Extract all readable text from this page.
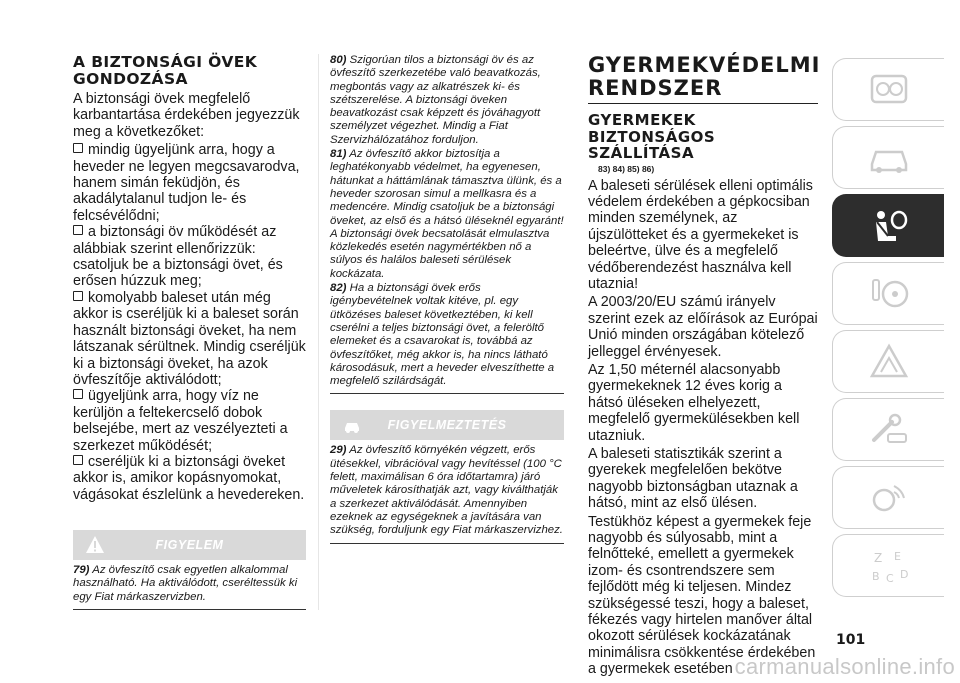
A BIZTONSÁGI ÖVEK
GONDOZÁSA

A biztonsági övek megfelelő karbantartása érdekében jegyezzük meg a következőket:

mindig ügyeljünk arra, hogy a heveder ne legyen megcsavarodva, hanem simán feküdjön, és akadálytalanul tudjon le- és felcsévélődni;
a biztonsági öv működését az alábbiak szerint ellenőrizzük: csatoljuk be a biztonsági övet, és erősen húzzuk meg;
komolyabb baleset után még akkor is cseréljük ki a baleset során használt biztonsági öveket, ha nem látszanak sérültnek. Mindig cseréljük ki a biztonsági öveket, ha azok övfeszítője aktiválódott;
ügyeljünk arra, hogy víz ne kerüljön a feltekercselő dobok belsejébe, mert az veszélyezteti a szerkezet működését;
cseréljük ki a biztonsági öveket akkor is, amikor kopásnyomokat, vágásokat észlelünk a hevedereken.
FIGYELEM

79) Az övfeszítő csak egyetlen alkalommal használható. Ha aktiválódott, cseréltessük ki egy Fiat márkaszervizben.

80) Szigorúan tilos a biztonsági öv és az övfeszítő szerkezetébe való beavatkozás, megbontás vagy az alkatrészek ki- és szétszerelése. A biztonsági öveken beavatkozást csak képzett és jóváhagyott személyzet végezhet. Mindig a Fiat Szervizhálózatához forduljon.

81) Az övfeszítő akkor biztosítja a leghatékonyabb védelmet, ha egyenesen, hátunkat a háttámlának támasztva ülünk, és a heveder szorosan simul a mellkasra és a medencére. Mindig csatoljuk be a biztonsági öveket, az első és a hátsó üléseknél egyaránt! A biztonsági övek becsatolását elmulasztva közlekedés esetén nagymértékben nő a súlyos és halálos baleseti sérülések kockázata.

82) Ha a biztonsági övek erős igénybevételnek voltak kitéve, pl. egy ütközéses baleset következtében, ki kell cserélni a teljes biztonsági övet, a feleröltő elemeket és a csavarokat is, továbbá az övfeszítőket, még akkor is, ha nincs látható károsodásuk, mert a heveder elveszíthette a megfelelő szilárdságát.

FIGYELMEZTETÉS

29) Az övfeszítő környékén végzett, erős ütésekkel, vibrációval vagy hevítéssel (100 °C felett, maximálisan 6 óra időtartamra) járó műveletek károsíthatják azt, vagy kiválthatják a szerkezet aktiválódását. Amennyiben ezeknek az egységeknek a javítására van szükség, forduljunk egy Fiat márkaszervizhez.

GYERMEKVÉDELMI
RENDSZER
GYERMEKEK
BIZTONSÁGOS
SZÁLLÍTÁSA
83) 84) 85) 86)

A baleseti sérülések elleni optimális védelem érdekében a gépkocsiban minden személynek, az újszülötteket és a gyermekeket is beleértve, ülve és a megfelelő védőberendezést használva kell utaznia!

A 2003/20/EU számú irányelv szerint ezek az előírások az Európai Unió minden országában kötelező jelleggel érvényesek.

Az 1,50 méternél alacsonyabb gyermekeknek 12 éves korig a hátsó üléseken elhelyezett, megfelelő gyermekülésekben kell utazniuk.

A baleseti statisztikák szerint a gyerekek megfelelően bekötve nagyobb biztonságban utaznak a hátsó, mint az első ülésen.

Testükhöz képest a gyermekek feje nagyobb és súlyosabb, mint a felnőtteké, emellett a gyermekek izom- és csontrendszere sem fejlődött még ki teljesen. Mindez szükségessé teszi, hogy a baleset, fékezés vagy hirtelen manőver által okozott sérülések kockázatának minimálisra csökkentése érdekében a gyermekek esetében

Z E
B C D
101
carmanualsonline.info
